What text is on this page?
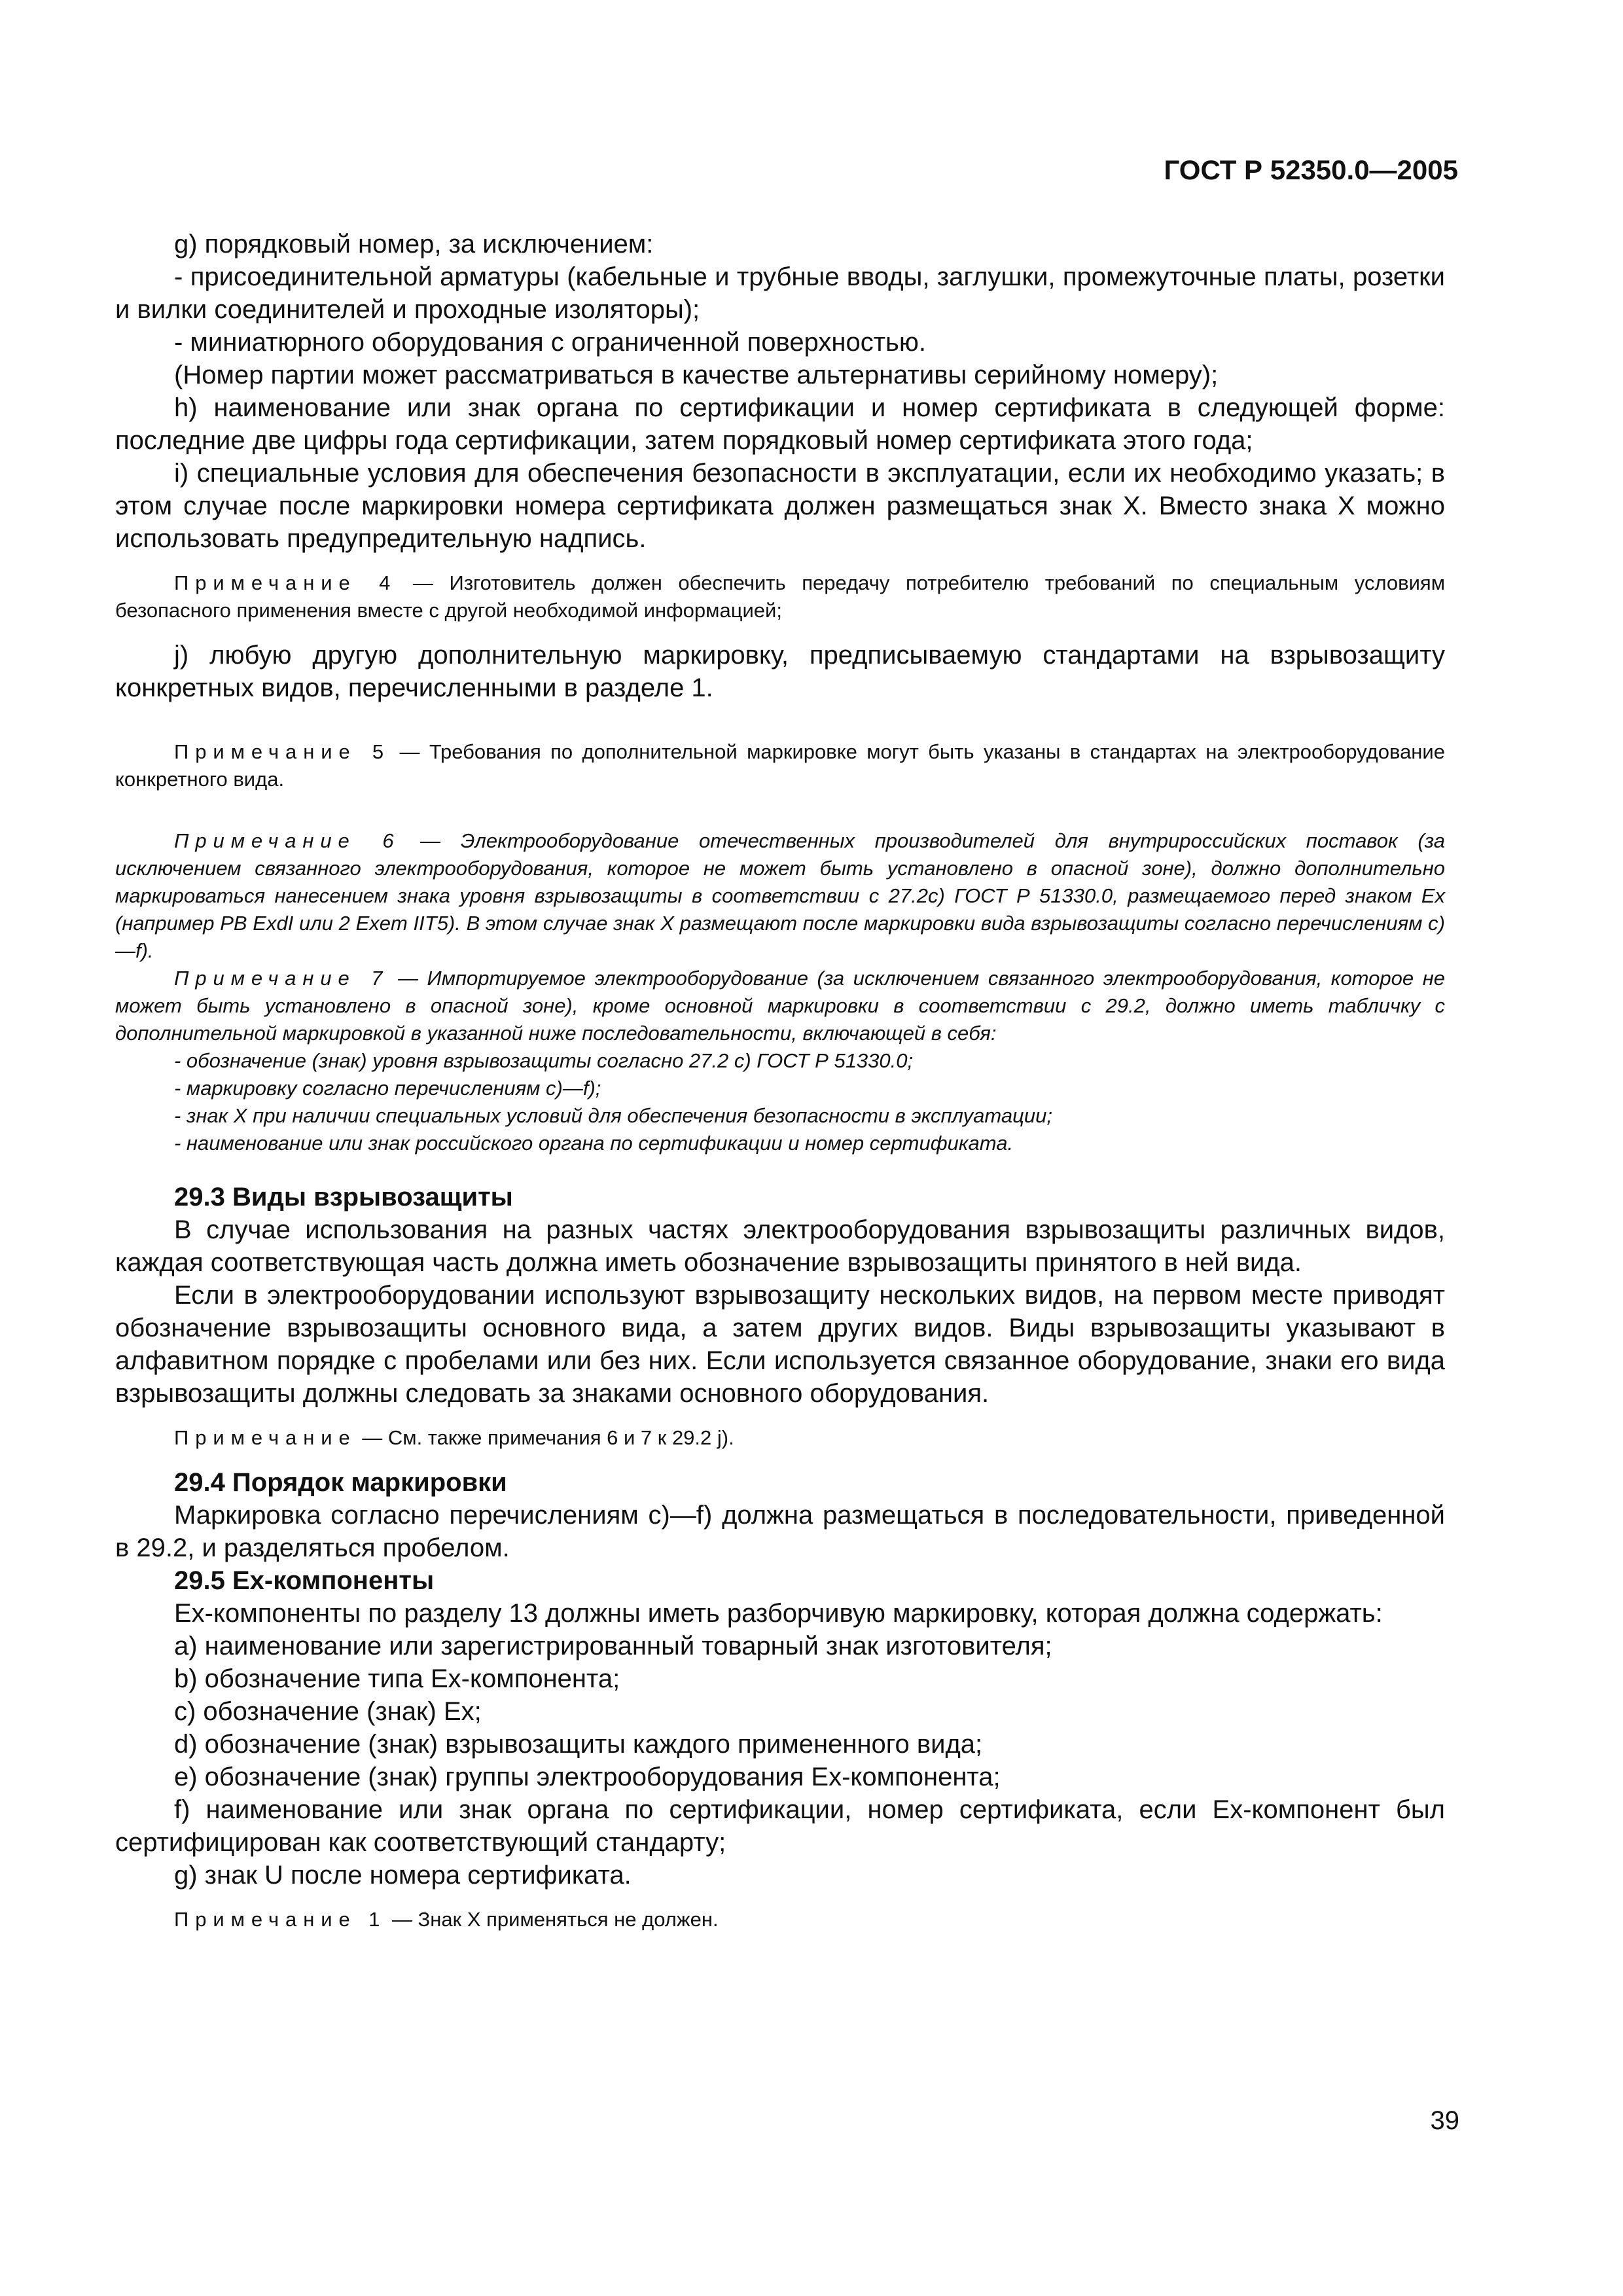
ГОСТ Р 52350.0—2005

g) порядковый номер, за исключением:

- присоединительной арматуры (кабельные и трубные вводы, заглушки, промежуточные платы, розетки и вилки соединителей и проходные изоляторы);

- миниатюрного оборудования с ограниченной поверхностью.

(Номер партии может рассматриваться в качестве альтернативы серийному номеру);

h) наименование или знак органа по сертификации и номер сертификата в следующей форме: последние две цифры года сертификации, затем порядковый номер сертификата этого года;

i) специальные условия для обеспечения безопасности в эксплуатации, если их необходимо указать; в этом случае после маркировки номера сертификата должен размещаться знак X. Вместо знака X можно использовать предупредительную надпись.

Примечание 4 — Изготовитель должен обеспечить передачу потребителю требований по специальным условиям безопасного применения вместе с другой необходимой информацией;

j) любую другую дополнительную маркировку, предписываемую стандартами на взрывозащиту конкретных видов, перечисленными в разделе 1.

Примечание 5 — Требования по дополнительной маркировке могут быть указаны в стандартах на электрооборудование конкретного вида.

Примечание 6 — Электрооборудование отечественных производителей для внутрироссийских поставок (за исключением связанного электрооборудования, которое не может быть установлено в опасной зоне), должно дополнительно маркироваться нанесением знака уровня взрывозащиты в соответствии с 27.2c) ГОСТ Р 51330.0, размещаемого перед знаком Ex (например PB ExdI или 2 Exem IIT5). В этом случае знак X размещают после маркировки вида взрывозащиты согласно перечислениям c)—f).

Примечание 7 — Импортируемое электрооборудование (за исключением связанного электрооборудования, которое не может быть установлено в опасной зоне), кроме основной маркировки в соответствии с 29.2, должно иметь табличку с дополнительной маркировкой в указанной ниже последовательности, включающей в себя:

- обозначение (знак) уровня взрывозащиты согласно 27.2 c) ГОСТ Р 51330.0;

- маркировку согласно перечислениям c)—f);

- знак X при наличии специальных условий для обеспечения безопасности в эксплуатации;

- наименование или знак российского органа по сертификации и номер сертификата.

29.3 Виды взрывозащиты

В случае использования на разных частях электрооборудования взрывозащиты различных видов, каждая соответствующая часть должна иметь обозначение взрывозащиты принятого в ней вида.

Если в электрооборудовании используют взрывозащиту нескольких видов, на первом месте приводят обозначение взрывозащиты основного вида, а затем других видов. Виды взрывозащиты указывают в алфавитном порядке с пробелами или без них. Если используется связанное оборудование, знаки его вида взрывозащиты должны следовать за знаками основного оборудования.

Примечание — См. также примечания 6 и 7 к 29.2 j).

29.4 Порядок маркировки

Маркировка согласно перечислениям c)—f) должна размещаться в последовательности, приведенной в 29.2, и разделяться пробелом.

29.5 Ex-компоненты

Ex-компоненты по разделу 13 должны иметь разборчивую маркировку, которая должна содержать:

a) наименование или зарегистрированный товарный знак изготовителя;

b) обозначение типа Ex-компонента;

c) обозначение (знак) Ex;

d) обозначение (знак) взрывозащиты каждого примененного вида;

e) обозначение (знак) группы электрооборудования Ex-компонента;

f) наименование или знак органа по сертификации, номер сертификата, если Ex-компонент был сертифицирован как соответствующий стандарту;

g) знак U после номера сертификата.

Примечание 1 — Знак X применяться не должен.

39
